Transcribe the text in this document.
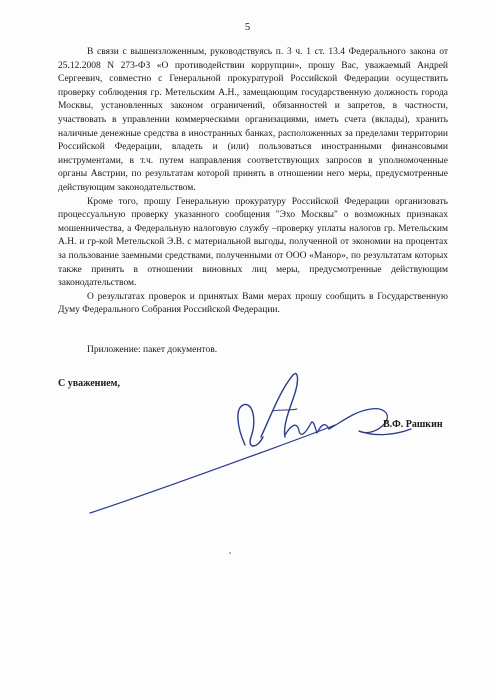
5

В связи с вышеизложенным, руководствуясь п. 3 ч. 1 ст. 13.4 Федерального закона от 25.12.2008 N 273-ФЗ «О противодействии коррупции», прошу Вас, уважаемый Андрей Сергеевич, совместно с Генеральной прокуратурой Российской Федерации осуществить проверку соблюдения гр. Метельским А.Н., замещающим государственную должность города Москвы, установленных законом ограничений, обязанностей и запретов, в частности, участвовать в управлении коммерческими организациями, иметь счета (вклады), хранить наличные денежные средства в иностранных банках, расположенных за пределами территории Российской Федерации, владеть и (или) пользоваться иностранными финансовыми инструментами, в т.ч. путем направления соответствующих запросов в уполномоченные органы Австрии, по результатам которой принять в отношении него меры, предусмотренные действующим законодательством.

Кроме того, прошу Генеральную прокуратуру Российской Федерации организовать процессуальную проверку указанного сообщения "Эхо Москвы" о возможных признаках мошенничества, а Федеральную налоговую службу –проверку уплаты налогов гр. Метельским А.Н. и гр-кой Метельской Э.В. с материальной выгоды, полученной от экономии на процентах за пользование заемными средствами, полученными от ООО «Манор», по результатам которых также принять в отношении виновных лиц меры, предусмотренные действующим законодательством.

О результатах проверок и принятых Вами мерах прошу сообщить в Государственную Думу Федерального Собрания Российской Федерации.

Приложение: пакет документов.
С уважением,
В.Ф. Рашкин
